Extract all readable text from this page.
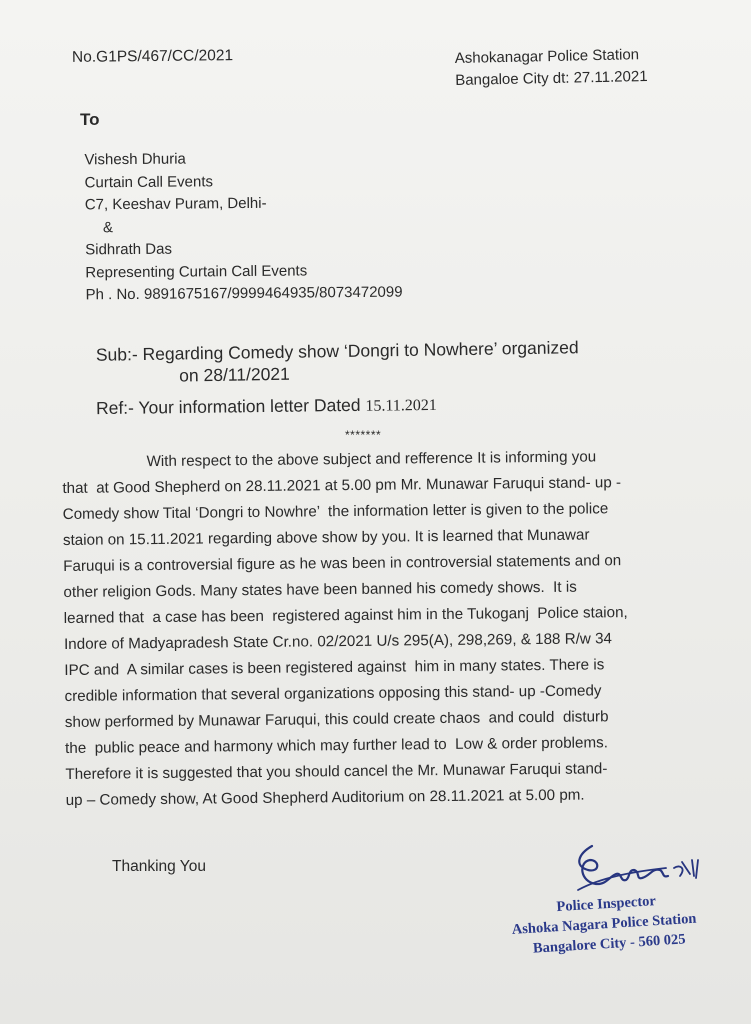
No.G1PS/467/CC/2021	Ashokanagar Police Station
Bangaloe City dt: 27.11.2021
To
Vishesh Dhuria
Curtain Call Events
C7, Keeshav Puram, Delhi-
&
Sidhrath Das
Representing Curtain Call Events
Ph . No. 9891675167/9999464935/8073472099
Sub:- Regarding Comedy show ‘Dongri to Nowhere’ organized
on 28/11/2021
Ref:- Your information letter Dated 15.11.2021
*******
With respect to the above subject and refference It is informing you
that  at Good Shepherd on 28.11.2021 at 5.00 pm Mr. Munawar Faruqui stand- up -
Comedy show Tital ‘Dongri to Nowhre’  the information letter is given to the police
staion on 15.11.2021 regarding above show by you. It is learned that Munawar
Faruqui is a controversial figure as he was been in controversial statements and on
other religion Gods. Many states have been banned his comedy shows.  It is
learned that  a case has been  registered against him in the Tukoganj  Police staion,
Indore of Madyapradesh State Cr.no. 02/2021 U/s 295(A), 298,269, & 188 R/w 34
IPC and  A similar cases is been registered against  him in many states. There is
credible information that several organizations opposing this stand- up -Comedy
show performed by Munawar Faruqui, this could create chaos  and could  disturb
the  public peace and harmony which may further lead to  Low & order problems.
Therefore it is suggested that you should cancel the Mr. Munawar Faruqui stand-
up – Comedy show, At Good Shepherd Auditorium on 28.11.2021 at 5.00 pm.
Thanking You
Police Inspector
Ashoka Nagara Police Station
Bangalore City - 560 025
